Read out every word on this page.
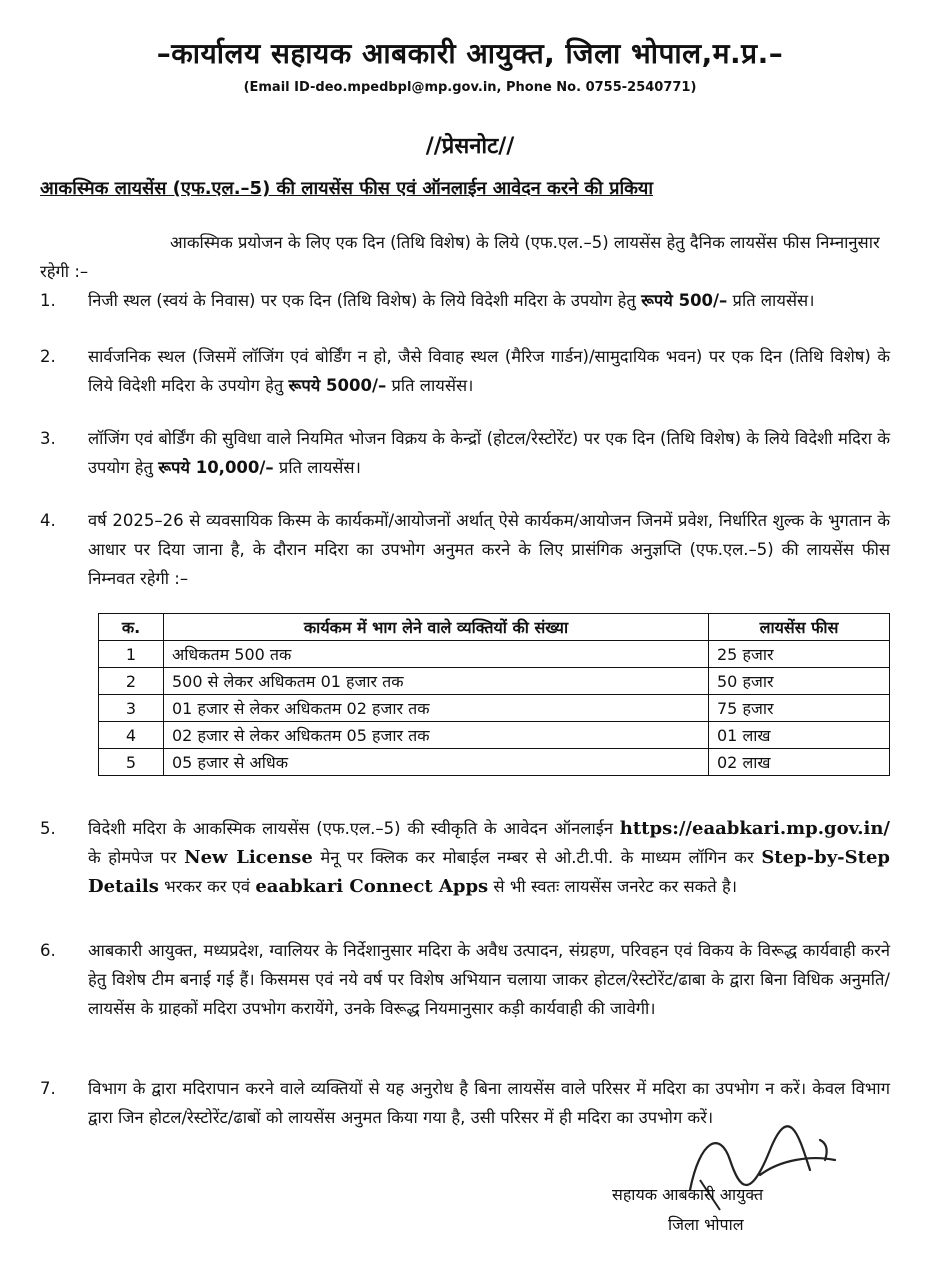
–कार्यालय सहायक आबकारी आयुक्त, जिला भोपाल,म.प्र.–
(Email ID-deo.mpedbpl@mp.gov.in, Phone No. 0755-2540771)
//प्रेसनोट//
आकस्मिक लायसेंस (एफ.एल.–5) की लायसेंस फीस एवं ऑनलाईन आवेदन करने की प्रकिया
आकस्मिक प्रयोजन के लिए एक दिन (तिथि विशेष) के लिये (एफ.एल.–5) लायसेंस हेतु दैनिक लायसेंस फीस निम्नानुसार रहेगी :–
1.	निजी स्थल (स्वयं के निवास) पर एक दिन (तिथि विशेष) के लिये विदेशी मदिरा के उपयोग हेतु रूपये 500/– प्रति लायसेंस।
2.	सार्वजनिक स्थल (जिसमें लॉजिंग एवं बोर्डिंग न हो, जैसे विवाह स्थल (मैरिज गार्डन)/सामुदायिक भवन) पर एक दिन (तिथि विशेष) के लिये विदेशी मदिरा के उपयोग हेतु रूपये 5000/– प्रति लायसेंस।
3.	लॉजिंग एवं बोर्डिंग की सुविधा वाले नियमित भोजन विक्रय के केन्द्रों (होटल/रेस्टोरेंट) पर एक दिन (तिथि विशेष) के लिये विदेशी मदिरा के उपयोग हेतु रूपये 10,000/– प्रति लायसेंस।
4.	वर्ष 2025–26 से व्यवसायिक किस्म के कार्यकमों/आयोजनों अर्थात् ऐसे कार्यकम/आयोजन जिनमें प्रवेश, निर्धारित शुल्क के भुगतान के आधार पर दिया जाना है, के दौरान मदिरा का उपभोग अनुमत करने के लिए प्रासंगिक अनुज्ञप्ति (एफ.एल.–5) की लायसेंस फीस निम्नवत रहेगी :–
क.	कार्यकम में भाग लेने वाले व्यक्तियों की संख्या	लायसेंस फीस
1	अधिकतम 500 तक	25 हजार
2	500 से लेकर अधिकतम 01 हजार तक	50 हजार
3	01 हजार से लेकर अधिकतम 02 हजार तक	75 हजार
4	02 हजार से लेकर अधिकतम 05 हजार तक	01 लाख
5	05 हजार से अधिक	02 लाख
5.	विदेशी मदिरा के आकस्मिक लायसेंस (एफ.एल.–5) की स्वीकृति के आवेदन ऑनलाईन https://eaabkari.mp.gov.in/ के होमपेज पर New License मेनू पर क्लिक कर मोबाईल नम्बर से ओ.टी.पी. के माध्यम लॉगिन कर Step-by-Step Details भरकर कर एवं eaabkari Connect Apps से भी स्वतः लायसेंस जनरेट कर सकते है।
6.	आबकारी आयुक्त, मध्यप्रदेश, ग्वालियर के निर्देशानुसार मदिरा के अवैध उत्पादन, संग्रहण, परिवहन एवं विकय के विरूद्ध कार्यवाही करने हेतु विशेष टीम बनाई गई हैं। किसमस एवं नये वर्ष पर विशेष अभियान चलाया जाकर होटल/रेस्टोरेंट/ढाबा के द्वारा बिना विधिक अनुमति/लायसेंस के ग्राहकों मदिरा उपभोग करायेंगे, उनके विरूद्ध नियमानुसार कड़ी कार्यवाही की जावेगी।
7.	विभाग के द्वारा मदिरापान करने वाले व्यक्तियों से यह अनुरोध है बिना लायसेंस वाले परिसर में मदिरा का उपभोग न करें। केवल विभाग द्वारा जिन होटल/रेस्टोरेंट/ढाबों को लायसेंस अनुमत किया गया है, उसी परिसर में ही मदिरा का उपभोग करें।
सहायक आबकारी आयुक्त
जिला भोपाल
